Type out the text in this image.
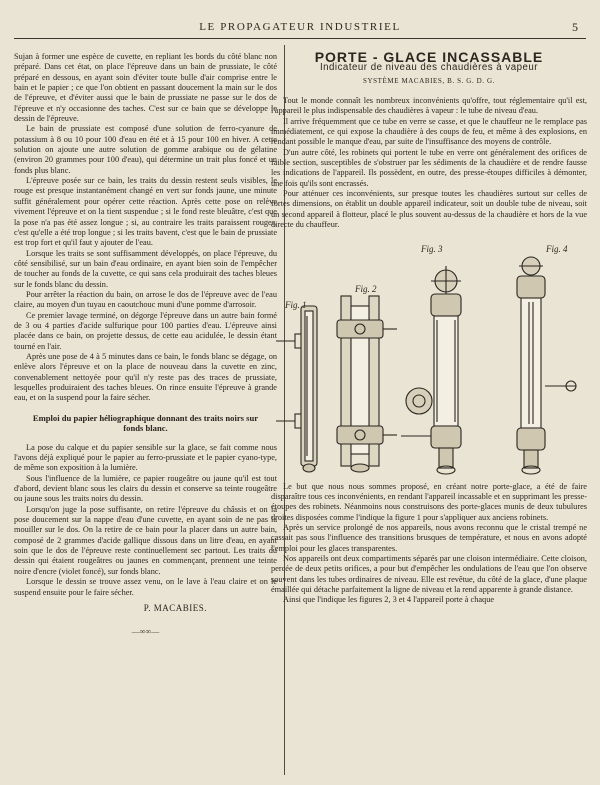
LE PROPAGATEUR INDUSTRIEL	5

Sujan à former une espèce de cuvette, en repliant les bords du côté blanc non préparé. Dans cet état, on place l'épreuve dans un bain de prussiate, le côté préparé en dessous, en ayant soin d'éviter toute bulle d'air comprise entre le bain et le papier ; ce que l'on obtient en passant doucement la main sur le dos de l'épreuve, et d'éviter aussi que le bain de prussiate ne passe sur le dos de l'épreuve et n'y occasionne des taches. C'est sur ce bain que se développe le dessin de l'épreuve.

Le bain de prussiate est composé d'une solution de ferro-cyanure de potassium à 8 ou 10 pour 100 d'eau en été et à 15 pour 100 en hiver. A cette solution on ajoute une autre solution de gomme arabique ou de gélatine (environ 20 grammes pour 100 d'eau), qui détermine un trait plus foncé et un fonds plus blanc.

L'épreuve posée sur ce bain, les traits du dessin restent seuls visibles, le rouge est presque instantanément changé en vert sur fonds jaune, une minute suffit généralement pour opérer cette réaction. Après cette pose on relève vivement l'épreuve et on la tient suspendue ; si le fond reste bleuâtre, c'est que la pose n'a pas été assez longue ; si, au contraire les traits paraissent rouges, c'est qu'elle a été trop longue ; si les traits bavent, c'est que le bain de prussiate est trop fort et qu'il faut y ajouter de l'eau.

Lorsque les traits se sont suffisamment développés, on place l'épreuve, du côté sensibilisé, sur un bain d'eau ordinaire, en ayant bien soin de l'empêcher de toucher au fonds de la cuvette, ce qui sans cela produirait des taches bleues sur le fonds blanc du dessin.

Pour arrêter la réaction du bain, on arrose le dos de l'épreuve avec de l'eau claire, au moyen d'un tuyau en caoutchouc muni d'une pomme d'arrosoir.

Ce premier lavage terminé, on dégorge l'épreuve dans un autre bain formé de 3 ou 4 parties d'acide sulfurique pour 100 parties d'eau. L'épreuve ainsi placée dans ce bain, on projette dessus, de cette eau acidulée, le dessin étant tourné en l'air.

Après une pose de 4 à 5 minutes dans ce bain, le fonds blanc se dégage, on enlève alors l'épreuve et on la place de nouveau dans la cuvette en zinc, convenablement nettoyée pour qu'il n'y reste pas des traces de prussiate, lesquelles produiraient des taches bleues. On rince ensuite l'épreuve à grande eau, et on la suspend pour la faire sécher.

Emploi du papier héliographique donnant des traits noirs sur fonds blanc.

La pose du calque et du papier sensible sur la glace, se fait comme nous l'avons déjà expliqué pour le papier au ferro-prussiate et le papier cyano-type, de même son exposition à la lumière.

Sous l'influence de la lumière, ce papier rougeâtre ou jaune qu'il est tout d'abord, devient blanc sous les clairs du dessin et conserve sa teinte rougeâtre ou jaune sous les traits noirs du dessin.

Lorsqu'on juge la pose suffisante, on retire l'épreuve du châssis et on la pose doucement sur la nappe d'eau d'une cuvette, en ayant soin de ne pas la mouiller sur le dos. On la retire de ce bain pour la placer dans un autre bain, composé de 2 grammes d'acide gallique dissous dans un litre d'eau, en ayant soin que le dos de l'épreuve reste continuellement sec partout. Les traits du dessin qui étaient rougeâtres ou jaunes en commençant, prennent une teinte noire d'encre (violet foncé), sur fonds blanc.

Lorsque le dessin se trouve assez venu, on le lave à l'eau claire et on le suspend ensuite pour le faire sécher.

P. MACABIES.
—∞∞—
PORTE - GLACE INCASSABLE
Indicateur de niveau des chaudières à vapeur
SYSTÈME MACABIES, B. S. G. D. G.

Tout le monde connaît les nombreux inconvénients qu'offre, tout réglementaire qu'il est, l'appareil le plus indispensable des chaudières à vapeur : le tube de niveau d'eau.

Il arrive fréquemment que ce tube en verre se casse, et que le chauffeur ne le remplace pas immédiatement, ce qui expose la chaudière à des coups de feu, et même à des explosions, en rendant possible le manque d'eau, par suite de l'insuffisance des moyens de contrôle.

D'un autre côté, les robinets qui portent le tube en verre ont généralement des orifices de faible section, susceptibles de s'obstruer par les sédiments de la chaudière et de rendre fausse les indications de l'appareil. Ils possèdent, en outre, des presse-étoupes difficiles à démonter, une fois qu'ils sont encrassés.

Pour atténuer ces inconvénients, sur presque toutes les chaudières surtout sur celles de fortes dimensions, on établit un double appareil indicateur, soit un double tube de niveau, soit un second appareil à flotteur, placé le plus souvent au-dessus de la chaudière et hors de la vue directe du chauffeur.

Fig. 1
Fig. 2
Fig. 3	Fig. 4

Le but que nous nous sommes proposé, en créant notre porte-glace, a été de faire disparaître tous ces inconvénients, en rendant l'appareil incassable et en supprimant les presse-étoupes des robinets. Néanmoins nous construisons des porte-glaces munis de deux tubulures droites disposées comme l'indique la figure 1 pour s'appliquer aux anciens robinets.

Après un service prolongé de nos appareils, nous avons reconnu que le cristal trempé ne cassait pas sous l'influence des transitions brusques de température, et nous en avons adopté l'emploi pour les glaces transparentes.

Nos appareils ont deux compartiments séparés par une cloison intermédiaire. Cette cloison, percée de deux petits orifices, a pour but d'empêcher les ondulations de l'eau que l'on observe souvent dans les tubes ordinaires de niveau. Elle est revêtue, du côté de la glace, d'une plaque émaillée qui détache parfaitement la ligne de niveau et la rend apparente à grande distance.

Ainsi que l'indique les figures 2, 3 et 4 l'appareil porte à chaque
